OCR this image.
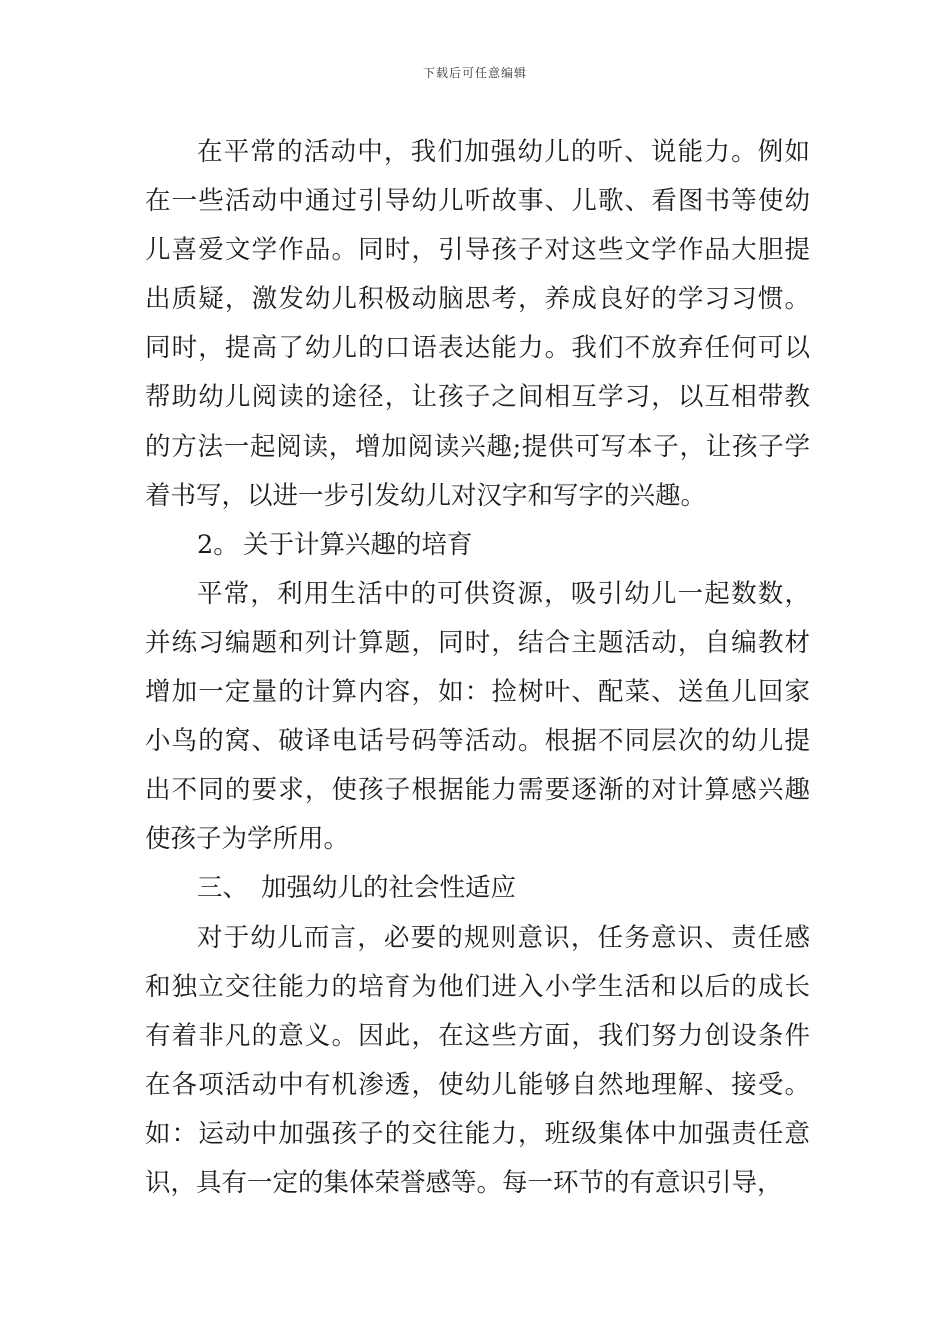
下载后可任意编辑
在平常的活动中，我们加强幼儿的听、说能力。例如
在一些活动中通过引导幼儿听故事、儿歌、看图书等使幼
儿喜爱文学作品。同时，引导孩子对这些文学作品大胆提
出质疑，激发幼儿积极动脑思考，养成良好的学习习惯。
同时，提高了幼儿的口语表达能力。我们不放弃任何可以
帮助幼儿阅读的途径，让孩子之间相互学习，以互相带教
的方法一起阅读，增加阅读兴趣;提供可写本子，让孩子学
着书写，以进一步引发幼儿对汉字和写字的兴趣。
2。 关于计算兴趣的培育
平常，利用生活中的可供资源，吸引幼儿一起数数，
并练习编题和列计算题，同时，结合主题活动，自编教材
增加一定量的计算内容，如：捡树叶、配菜、送鱼儿回家
小鸟的窝、破译电话号码等活动。根据不同层次的幼儿提
出不同的要求，使孩子根据能力需要逐渐的对计算感兴趣
使孩子为学所用。
三、 加强幼儿的社会性适应
对于幼儿而言，必要的规则意识，任务意识、责任感
和独立交往能力的培育为他们进入小学生活和以后的成长
有着非凡的意义。因此，在这些方面，我们努力创设条件
在各项活动中有机渗透，使幼儿能够自然地理解、接受。
如：运动中加强孩子的交往能力，班级集体中加强责任意
识，具有一定的集体荣誉感等。每一环节的有意识引导，
